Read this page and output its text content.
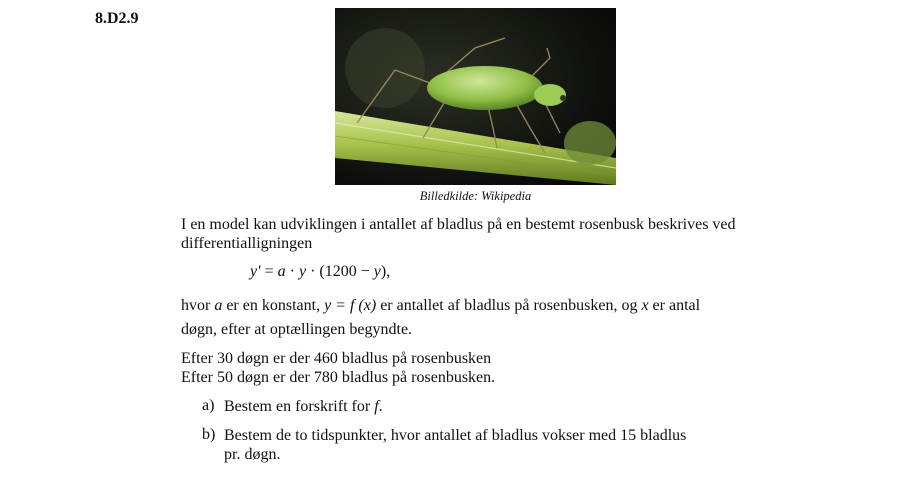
8.D2.9
Billedkilde: Wikipedia
I en model kan udviklingen i antallet af bladlus på en bestemt rosenbusk beskrives ved
differentialligningen
y′ = a · y · (1200 − y),
hvor a er en konstant, y = f (x) er antallet af bladlus på rosenbusken, og x er antal
døgn, efter at optællingen begyndte.
Efter 30 døgn er der 460 bladlus på rosenbusken
Efter 50 døgn er der 780 bladlus på rosenbusken.
a) Bestem en forskrift for f.
b) Bestem de to tidspunkter, hvor antallet af bladlus vokser med 15 bladlus
pr. døgn.
